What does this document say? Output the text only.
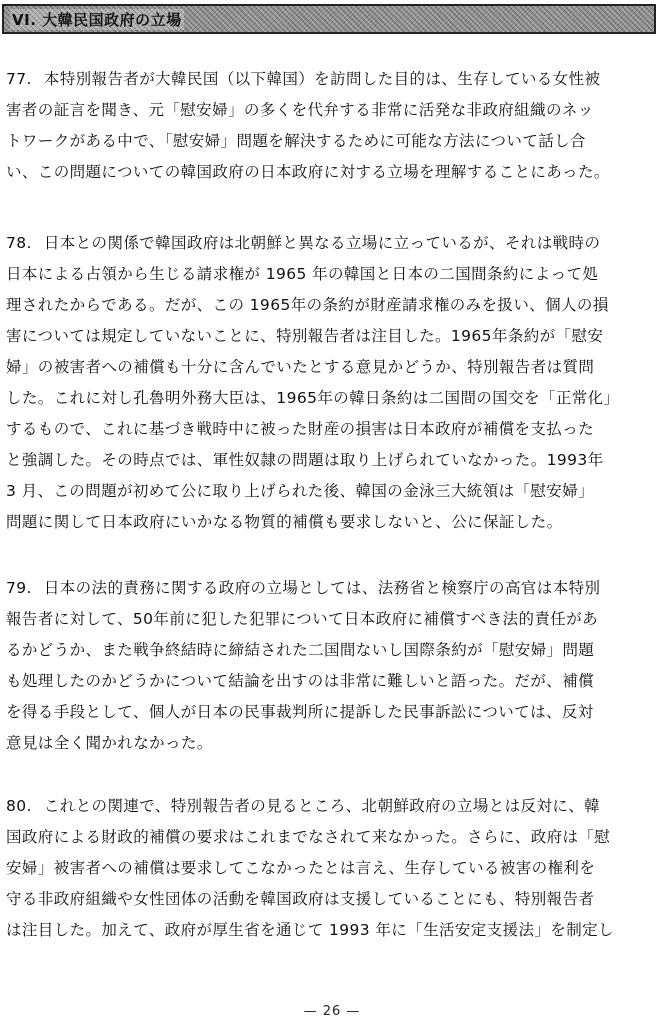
VI. 大韓民国政府の立場
77. 本特別報告者が大韓民国（以下韓国）を訪問した目的は、生存している女性被
害者の証言を聞き、元「慰安婦」の多くを代弁する非常に活発な非政府組織のネッ
トワークがある中で、「慰安婦」問題を解決するために可能な方法について話し合
い、この問題についての韓国政府の日本政府に対する立場を理解することにあった。
78. 日本との関係で韓国政府は北朝鮮と異なる立場に立っているが、それは戦時の
日本による占領から生じる請求権が 1965 年の韓国と日本の二国間条約によって処
理されたからである。だが、この 1965年の条約が財産請求権のみを扱い、個人の損
害については規定していないことに、特別報告者は注目した。1965年条約が「慰安
婦」の被害者への補償も十分に含んでいたとする意見かどうか、特別報告者は質問
した。これに対し孔魯明外務大臣は、1965年の韓日条約は二国間の国交を「正常化」
するもので、これに基づき戦時中に被った財産の損害は日本政府が補償を支払った
と強調した。その時点では、軍性奴隷の問題は取り上げられていなかった。1993年
3 月、この問題が初めて公に取り上げられた後、韓国の金泳三大統領は「慰安婦」
問題に関して日本政府にいかなる物質的補償も要求しないと、公に保証した。
79. 日本の法的責務に関する政府の立場としては、法務省と検察庁の高官は本特別
報告者に対して、50年前に犯した犯罪について日本政府に補償すべき法的責任があ
るかどうか、また戦争終結時に締結された二国間ないし国際条約が「慰安婦」問題
も処理したのかどうかについて結論を出すのは非常に難しいと語った。だが、補償
を得る手段として、個人が日本の民事裁判所に提訴した民事訴訟については、反対
意見は全く聞かれなかった。
80. これとの関連で、特別報告者の見るところ、北朝鮮政府の立場とは反対に、韓
国政府による財政的補償の要求はこれまでなされて来なかった。さらに、政府は「慰
安婦」被害者への補償は要求してこなかったとは言え、生存している被害の権利を
守る非政府組織や女性団体の活動を韓国政府は支援していることにも、特別報告者
は注目した。加えて、政府が厚生省を通じて 1993 年に「生活安定支援法」を制定し
— 26 —
